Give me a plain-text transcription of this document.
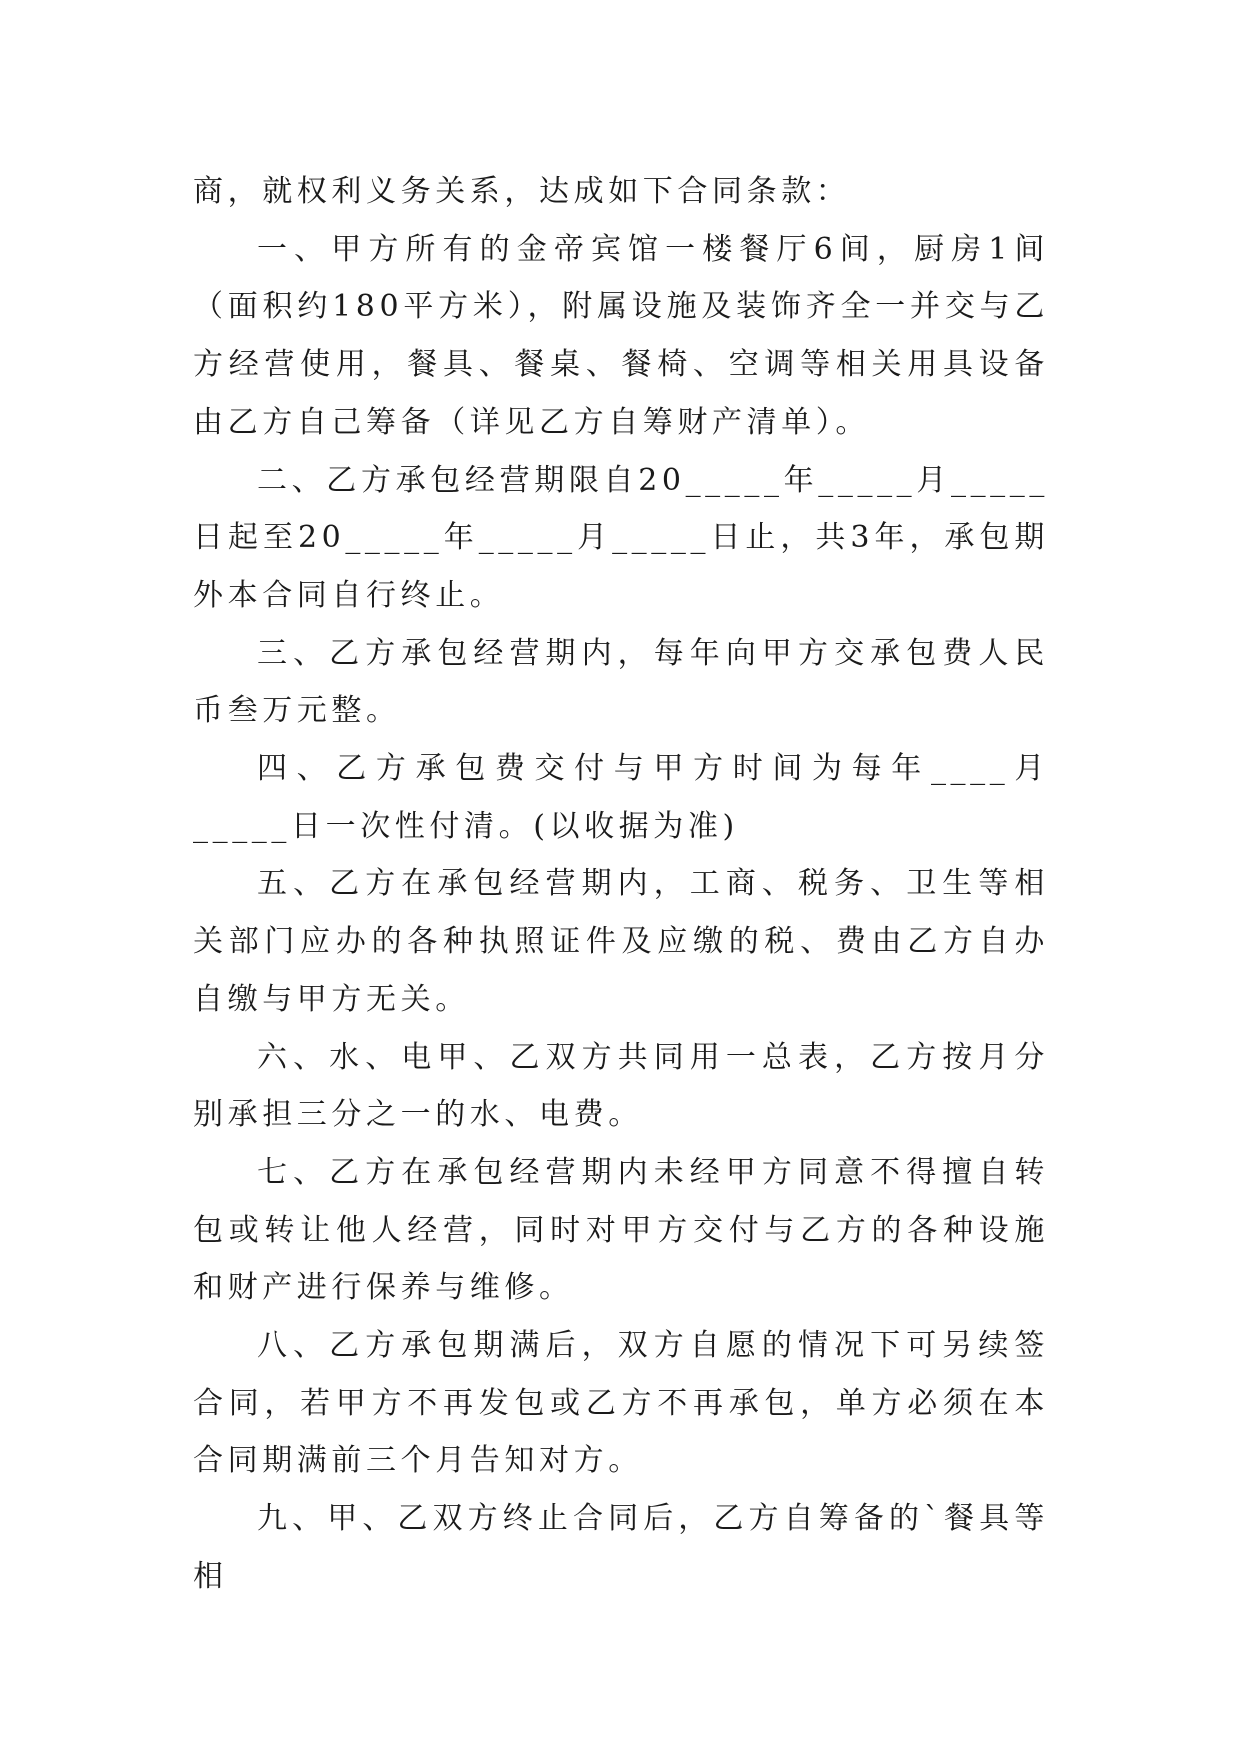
商，就权利义务关系，达成如下合同条款：

一、甲方所有的金帝宾馆一楼餐厅6间，厨房1间（面积约180平方米），附属设施及装饰齐全一并交与乙方经营使用，餐具、餐桌、餐椅、空调等相关用具设备由乙方自己筹备（详见乙方自筹财产清单）。

二、乙方承包经营期限自20_____年_____月_____日起至20_____年_____月_____日止，共3年，承包期外本合同自行终止。

三、乙方承包经营期内，每年向甲方交承包费人民币叁万元整。

四、乙方承包费交付与甲方时间为每年____月_____日一次性付清。(以收据为准)

五、乙方在承包经营期内，工商、税务、卫生等相关部门应办的各种执照证件及应缴的税、费由乙方自办自缴与甲方无关。

六、水、电甲、乙双方共同用一总表，乙方按月分别承担三分之一的水、电费。

七、乙方在承包经营期内未经甲方同意不得擅自转包或转让他人经营，同时对甲方交付与乙方的各种设施和财产进行保养与维修。

八、乙方承包期满后，双方自愿的情况下可另续签合同，若甲方不再发包或乙方不再承包，单方必须在本合同期满前三个月告知对方。

九、甲、乙双方终止合同后，乙方自筹备的`餐具等相
